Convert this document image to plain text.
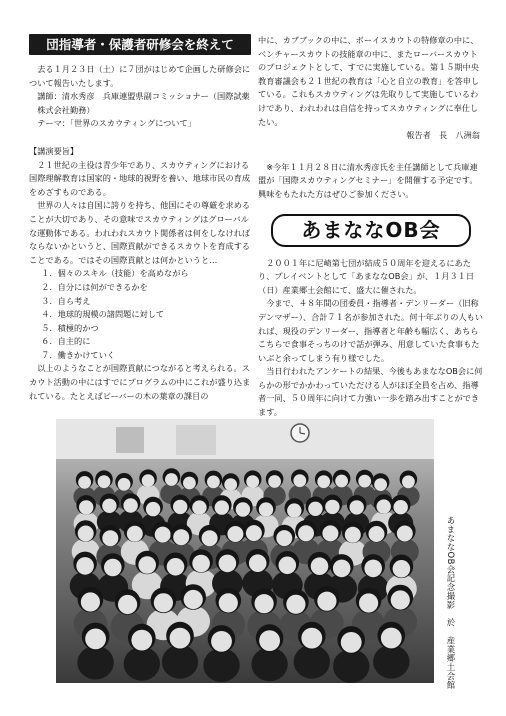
団指導者・保護者研修会を終えて

去る１月２３日（土）に７団がはじめて企画した研修会について報告いたします。

講師：清水秀彦　兵庫連盟県副コミッショナー（国際試薬株式会社勤務）

テーマ：「世界のスカウティングについて」

【講演要旨】

２１世紀の主役は青少年であり、スカウティングにおける国際理解教育は国家的・地球的視野を養い、地球市民の育成をめざすものである。

世界の人々は自国に誇りを持ち、他国にその尊厳を求めることが大切であり、その意味でスカウティングはグローバルな運動体である。われわれスカウト関係者は何をしなければならないかというと、国際貢献ができるスカウトを育成することである。ではその国際貢献とは何かというと…

１．個々のスキル（技能）を高めながら
２．自分には何ができるかを
３．自ら考え
４．地球的規模の諸問題に対して
５．積極的かつ
６．自主的に
７．働きかけていく

以上のようなことが国際貢献につながると考えられる。スカウト活動の中にはすでにプログラムの中にこれが盛り込まれている。たとえばビーバーの木の葉章の課目の

中に、カブブックの中に、ボーイスカウトの特修章の中に、ベンチャースカウトの技能章の中に、またローバースカウトのプロジェクトとして、すでに実施している。第１５期中央教育審議会も２１世紀の教育は「心と自立の教育」を答申している。これもスカウティングは先取りして実施しているわけであり、われわれは自信を持ってスカウティングに奉仕したい。

報告者　長　八洲翁

※今年１１月２８日に清水秀彦氏を主任講師として兵庫連盟が「国際スカウティングセミナー」を開催する予定です。興味をもたれた方はぜひご参加ください。

あまななOB会

２００１年に尼崎第七団が結成５０周年を迎えるにあたり、プレイベントとして「あまななOB会」が、１月３１日（日）産業郷土会館にて、盛大に催された。

今まで、４８年間の団委員・指導者・デンリーダー（旧称デンマザー）、合計７１名が参加された。何十年ぶりの人もいれば、現役のデンリーダー、指導者と年齢も幅広く、あちらこちらで食事そっちのけで話が弾み、用意していた食事もたいぶと余ってしまう有り様でした。

当日行われたアンケートの結果、今後もあまななOB会に何らかの形でかかわっていただける人がほぼ全員を占め、指導者一同、５０周年に向けて力強い一歩を踏み出すことができます。

あまななOB会記念撮影　於　産業郷土会館
